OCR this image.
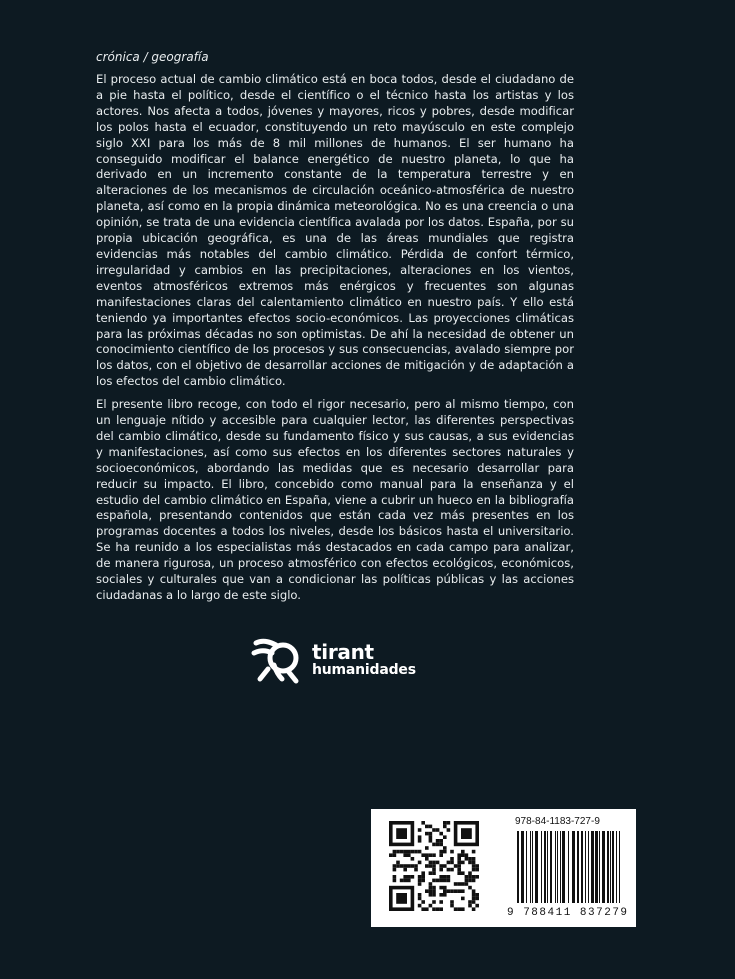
crónica / geografía

El proceso actual de cambio climático está en boca todos, desde el ciudadano de a pie hasta el político, desde el científico o el técnico hasta los artistas y los actores. Nos afecta a todos, jóvenes y mayores, ricos y pobres, desde modificar los polos hasta el ecuador, constituyendo un reto mayúsculo en este complejo siglo XXI para los más de 8 mil millones de humanos. El ser humano ha conseguido modificar el balance energético de nuestro planeta, lo que ha derivado en un incremento constante de la temperatura terrestre y en alteraciones de los mecanismos de circulación oceánico-atmosférica de nuestro planeta, así como en la propia dinámica meteorológica. No es una creencia o una opinión, se trata de una evidencia científica avalada por los datos. España, por su propia ubicación geográfica, es una de las áreas mundiales que registra evidencias más notables del cambio climático. Pérdida de confort térmico, irregularidad y cambios en las precipitaciones, alteraciones en los vientos, eventos atmosféricos extremos más enérgicos y frecuentes son algunas manifestaciones claras del calentamiento climático en nuestro país. Y ello está teniendo ya importantes efectos socio-económicos. Las proyecciones climáticas para las próximas décadas no son optimistas. De ahí la necesidad de obtener un conocimiento científico de los procesos y sus consecuencias, avalado siempre por los datos, con el objetivo de desarrollar acciones de mitigación y de adaptación a los efectos del cambio climático.

El presente libro recoge, con todo el rigor necesario, pero al mismo tiempo, con un lenguaje nítido y accesible para cualquier lector, las diferentes perspectivas del cambio climático, desde su fundamento físico y sus causas, a sus evidencias y manifestaciones, así como sus efectos en los diferentes sectores naturales y socioeconómicos, abordando las medidas que es necesario desarrollar para reducir su impacto. El libro, concebido como manual para la enseñanza y el estudio del cambio climático en España, viene a cubrir un hueco en la bibliografía española, presentando contenidos que están cada vez más presentes en los programas docentes a todos los niveles, desde los básicos hasta el universitario. Se ha reunido a los especialistas más destacados en cada campo para analizar, de manera rigurosa, un proceso atmosférico con efectos ecológicos, económicos, sociales y culturales que van a condicionar las políticas públicas y las acciones ciudadanas a lo largo de este siglo.

tirant
humanidades
978-84-1183-727-9
9 788411 837279
